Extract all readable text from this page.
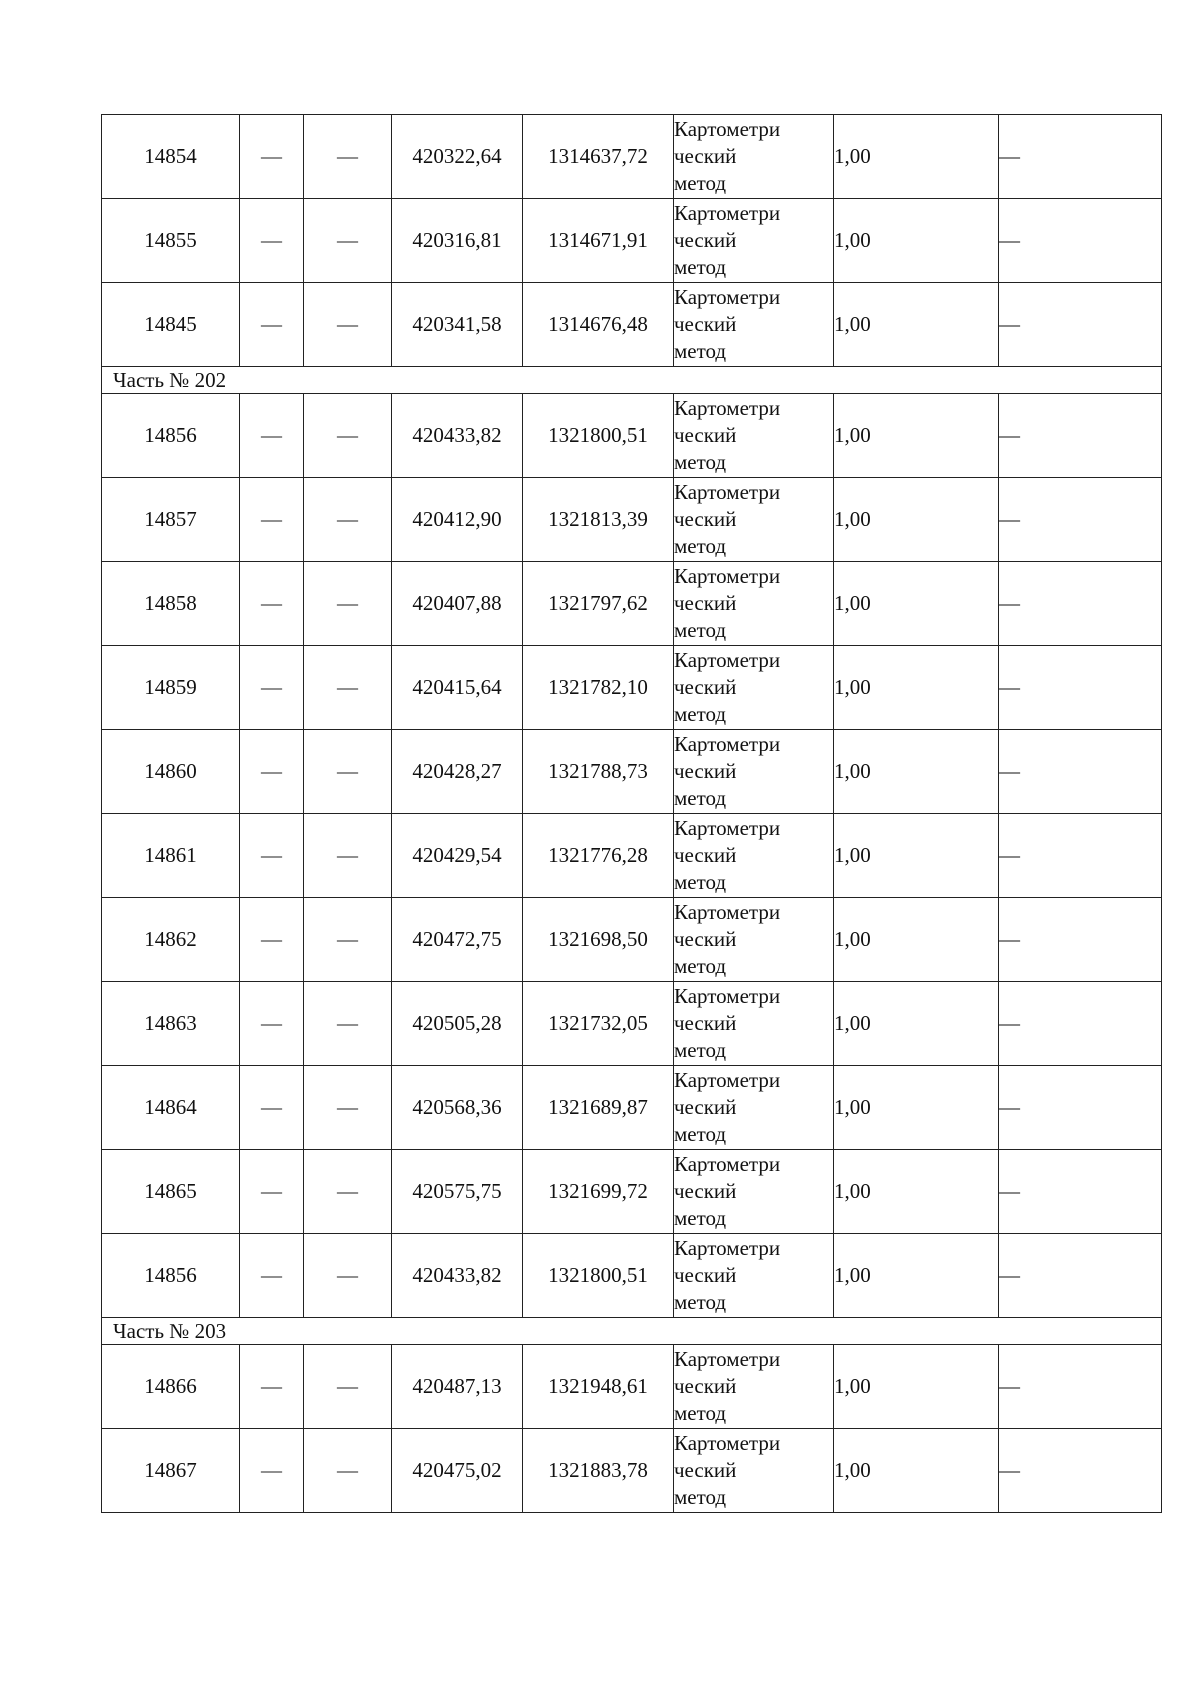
14854	—	—	420322,64	1314637,72	Картометри
ческий
метод	1,00	—
14855	—	—	420316,81	1314671,91	Картометри
ческий
метод	1,00	—
14845	—	—	420341,58	1314676,48	Картометри
ческий
метод	1,00	—
Часть № 202							
14856	—	—	420433,82	1321800,51	Картометри
ческий
метод	1,00	—
14857	—	—	420412,90	1321813,39	Картометри
ческий
метод	1,00	—
14858	—	—	420407,88	1321797,62	Картометри
ческий
метод	1,00	—
14859	—	—	420415,64	1321782,10	Картометри
ческий
метод	1,00	—
14860	—	—	420428,27	1321788,73	Картометри
ческий
метод	1,00	—
14861	—	—	420429,54	1321776,28	Картометри
ческий
метод	1,00	—
14862	—	—	420472,75	1321698,50	Картометри
ческий
метод	1,00	—
14863	—	—	420505,28	1321732,05	Картометри
ческий
метод	1,00	—
14864	—	—	420568,36	1321689,87	Картометри
ческий
метод	1,00	—
14865	—	—	420575,75	1321699,72	Картометри
ческий
метод	1,00	—
14856	—	—	420433,82	1321800,51	Картометри
ческий
метод	1,00	—
Часть № 203							
14866	—	—	420487,13	1321948,61	Картометри
ческий
метод	1,00	—
14867	—	—	420475,02	1321883,78	Картометри
ческий
метод	1,00	—
